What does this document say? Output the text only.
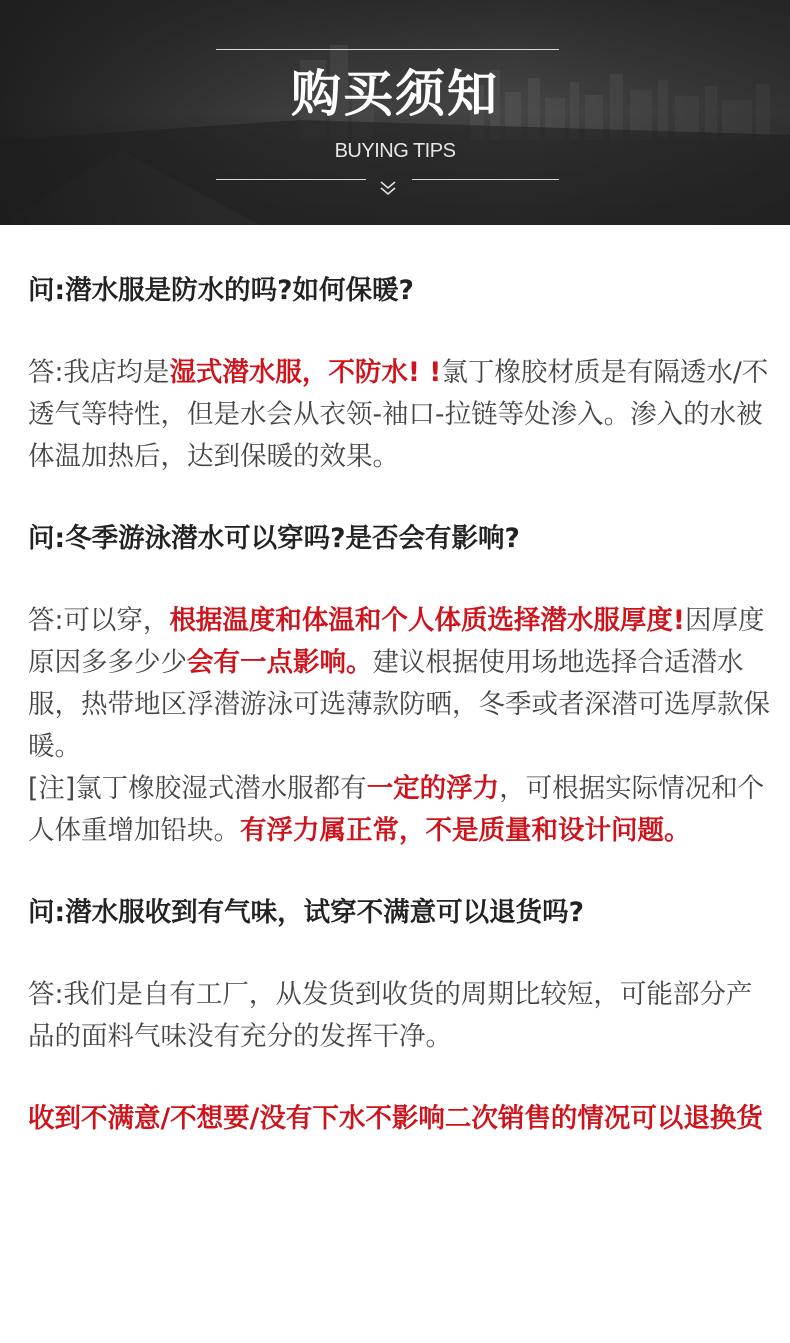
购买须知
BUYING TIPS

问:潜水服是防水的吗?如何保暖?

答:我店均是湿式潜水服，不防水! !氯丁橡胶材质是有隔透水/不透气等特性，但是水会从衣领-袖口-拉链等处渗入。渗入的水被体温加热后，达到保暖的效果。

问:冬季游泳潜水可以穿吗?是否会有影响?

答:可以穿，根据温度和体温和个人体质选择潜水服厚度!因厚度原因多多少少会有一点影响。建议根据使用场地选择合适潜水服，热带地区浮潜游泳可选薄款防晒，冬季或者深潜可选厚款保暖。

[注]氯丁橡胶湿式潜水服都有一定的浮力，可根据实际情况和个人体重增加铅块。有浮力属正常，不是质量和设计问题。

问:潜水服收到有气味，试穿不满意可以退货吗?

答:我们是自有工厂，从发货到收货的周期比较短，可能部分产品的面料气味没有充分的发挥干净。

收到不满意/不想要/没有下水不影响二次销售的情况可以退换货
